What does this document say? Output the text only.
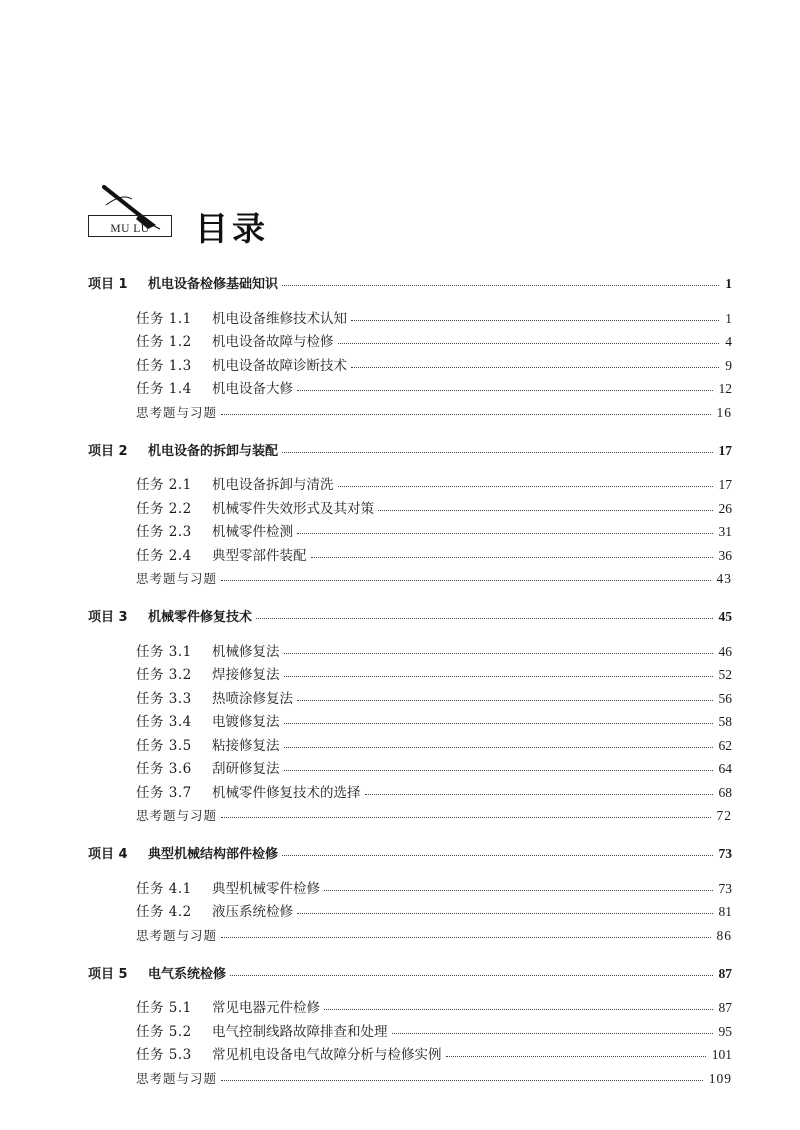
MU LU	目录
项目 1 机电设备检修基础知识	1
任务 1.1 机电设备维修技术认知	1
任务 1.2 机电设备故障与检修	4
任务 1.3 机电设备故障诊断技术	9
任务 1.4 机电设备大修	12
思考题与习题	16
项目 2 机电设备的拆卸与装配	17
任务 2.1 机电设备拆卸与清洗	17
任务 2.2 机械零件失效形式及其对策	26
任务 2.3 机械零件检测	31
任务 2.4 典型零部件装配	36
思考题与习题	43
项目 3 机械零件修复技术	45
任务 3.1 机械修复法	46
任务 3.2 焊接修复法	52
任务 3.3 热喷涂修复法	56
任务 3.4 电镀修复法	58
任务 3.5 粘接修复法	62
任务 3.6 刮研修复法	64
任务 3.7 机械零件修复技术的选择	68
思考题与习题	72
项目 4 典型机械结构部件检修	73
任务 4.1 典型机械零件检修	73
任务 4.2 液压系统检修	81
思考题与习题	86
项目 5 电气系统检修	87
任务 5.1 常见电器元件检修	87
任务 5.2 电气控制线路故障排查和处理	95
任务 5.3 常见机电设备电气故障分析与检修实例	101
思考题与习题	109
